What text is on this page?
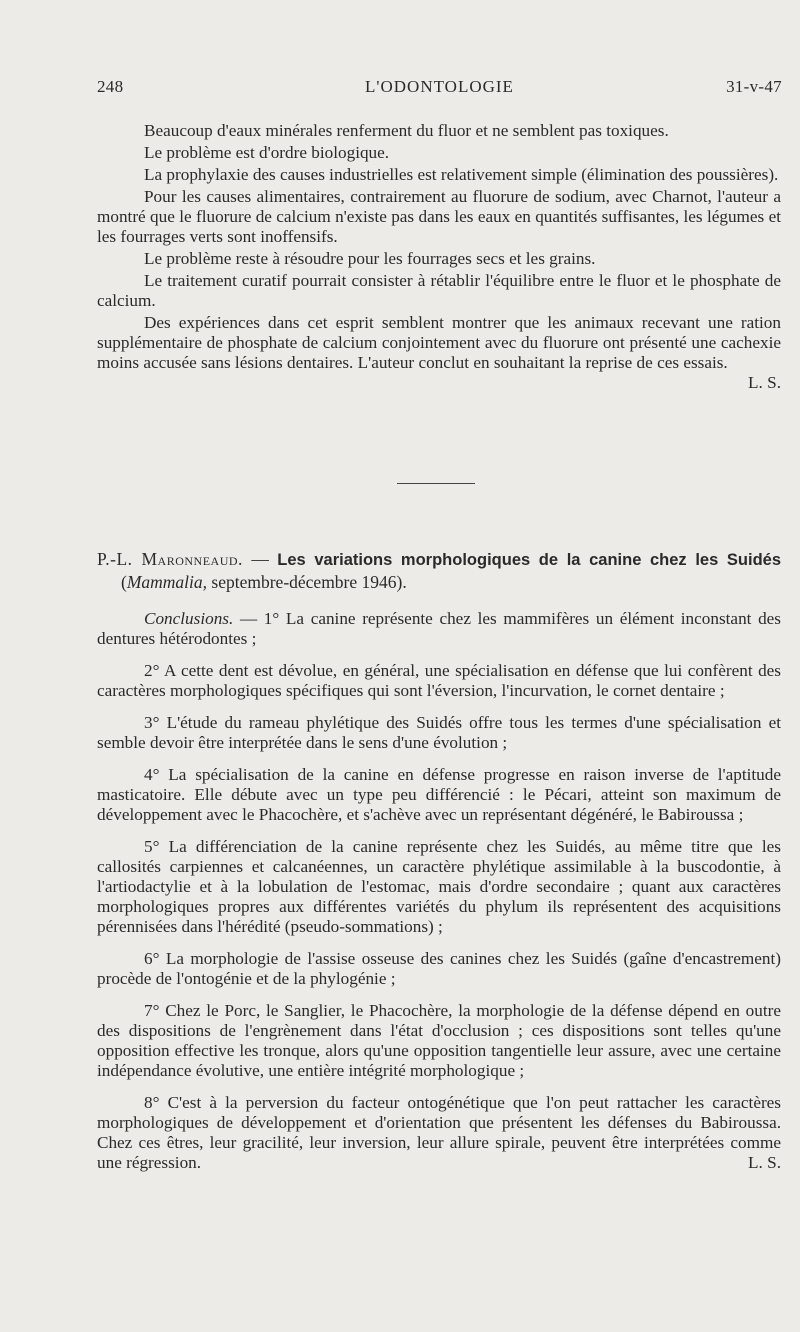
248	L'ODONTOLOGIE	31-v-47

Beaucoup d'eaux minérales renferment du fluor et ne semblent pas toxiques.

Le problème est d'ordre biologique.

La prophylaxie des causes industrielles est relativement simple (élimination des poussières).

Pour les causes alimentaires, contrairement au fluorure de sodium, avec Charnot, l'auteur a montré que le fluorure de calcium n'existe pas dans les eaux en quantités suffisantes, les légumes et les fourrages verts sont inoffensifs.

Le problème reste à résoudre pour les fourrages secs et les grains.

Le traitement curatif pourrait consister à rétablir l'équilibre entre le fluor et le phosphate de calcium.

Des expériences dans cet esprit semblent montrer que les animaux recevant une ration supplémentaire de phosphate de calcium conjointement avec du fluorure ont présenté une cachexie moins accusée sans lésions dentaires. L'auteur conclut en souhaitant la reprise de ces essais.
L. S.

P.-L. Maronneaud. — Les variations morphologiques de la canine chez les Suidés (Mammalia, septembre-décembre 1946).

Conclusions. — 1° La canine représente chez les mammifères un élément inconstant des dentures hétérodontes ;

2° A cette dent est dévolue, en général, une spécialisation en défense que lui confèrent des caractères morphologiques spécifiques qui sont l'éversion, l'incurvation, le cornet dentaire ;

3° L'étude du rameau phylétique des Suidés offre tous les termes d'une spécialisation et semble devoir être interprétée dans le sens d'une évolution ;

4° La spécialisation de la canine en défense progresse en raison inverse de l'aptitude masticatoire. Elle débute avec un type peu différencié : le Pécari, atteint son maximum de développement avec le Phacochère, et s'achève avec un représentant dégénéré, le Babiroussa ;

5° La différenciation de la canine représente chez les Suidés, au même titre que les callosités carpiennes et calcanéennes, un caractère phylétique assimilable à la buscodontie, à l'artiodactylie et à la lobulation de l'estomac, mais d'ordre secondaire ; quant aux caractères morphologiques propres aux différentes variétés du phylum ils représentent des acquisitions pérennisées dans l'hérédité (pseudo-sommations) ;

6° La morphologie de l'assise osseuse des canines chez les Suidés (gaîne d'encastrement) procède de l'ontogénie et de la phylogénie ;

7° Chez le Porc, le Sanglier, le Phacochère, la morphologie de la défense dépend en outre des dispositions de l'engrènement dans l'état d'occlusion ; ces dispositions sont telles qu'une opposition effective les tronque, alors qu'une opposition tangentielle leur assure, avec une certaine indépendance évolutive, une entière intégrité morphologique ;

8° C'est à la perversion du facteur ontogénétique que l'on peut rattacher les caractères morphologiques de développement et d'orientation que présentent les défenses du Babiroussa. Chez ces êtres, leur gracilité, leur inversion, leur allure spirale, peuvent être interprétées comme une régression.	L. S.
